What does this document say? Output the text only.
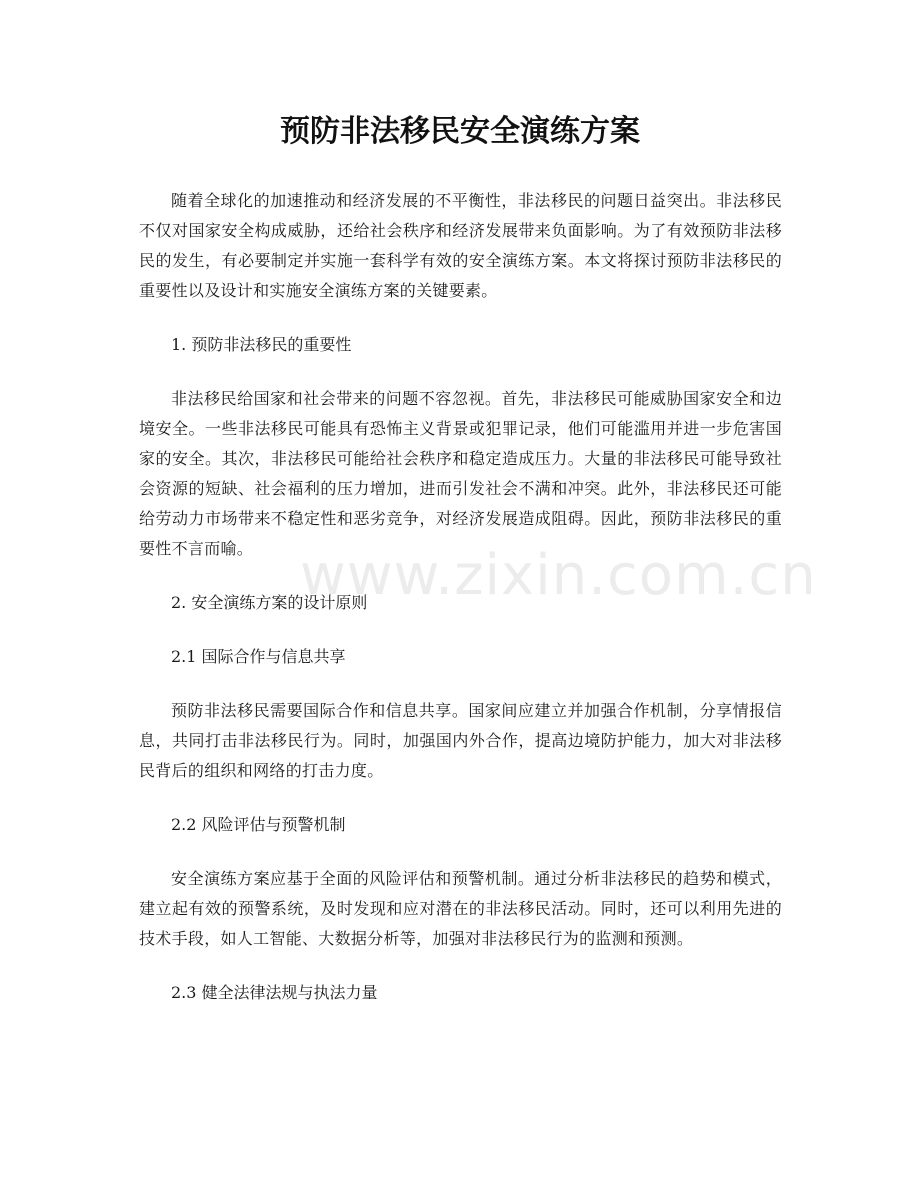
预防非法移民安全演练方案

随着全球化的加速推动和经济发展的不平衡性，非法移民的问题日益突出。非法移民不仅对国家安全构成威胁，还给社会秩序和经济发展带来负面影响。为了有效预防非法移民的发生，有必要制定并实施一套科学有效的安全演练方案。本文将探讨预防非法移民的重要性以及设计和实施安全演练方案的关键要素。

1. 预防非法移民的重要性

非法移民给国家和社会带来的问题不容忽视。首先，非法移民可能威胁国家安全和边境安全。一些非法移民可能具有恐怖主义背景或犯罪记录，他们可能滥用并进一步危害国家的安全。其次，非法移民可能给社会秩序和稳定造成压力。大量的非法移民可能导致社会资源的短缺、社会福利的压力增加，进而引发社会不满和冲突。此外，非法移民还可能给劳动力市场带来不稳定性和恶劣竞争，对经济发展造成阻碍。因此，预防非法移民的重要性不言而喻。

2. 安全演练方案的设计原则

2.1 国际合作与信息共享

预防非法移民需要国际合作和信息共享。国家间应建立并加强合作机制，分享情报信息，共同打击非法移民行为。同时，加强国内外合作，提高边境防护能力，加大对非法移民背后的组织和网络的打击力度。

2.2 风险评估与预警机制

安全演练方案应基于全面的风险评估和预警机制。通过分析非法移民的趋势和模式，建立起有效的预警系统，及时发现和应对潜在的非法移民活动。同时，还可以利用先进的技术手段，如人工智能、大数据分析等，加强对非法移民行为的监测和预测。

2.3 健全法律法规与执法力量

www.zixin.com.cn
